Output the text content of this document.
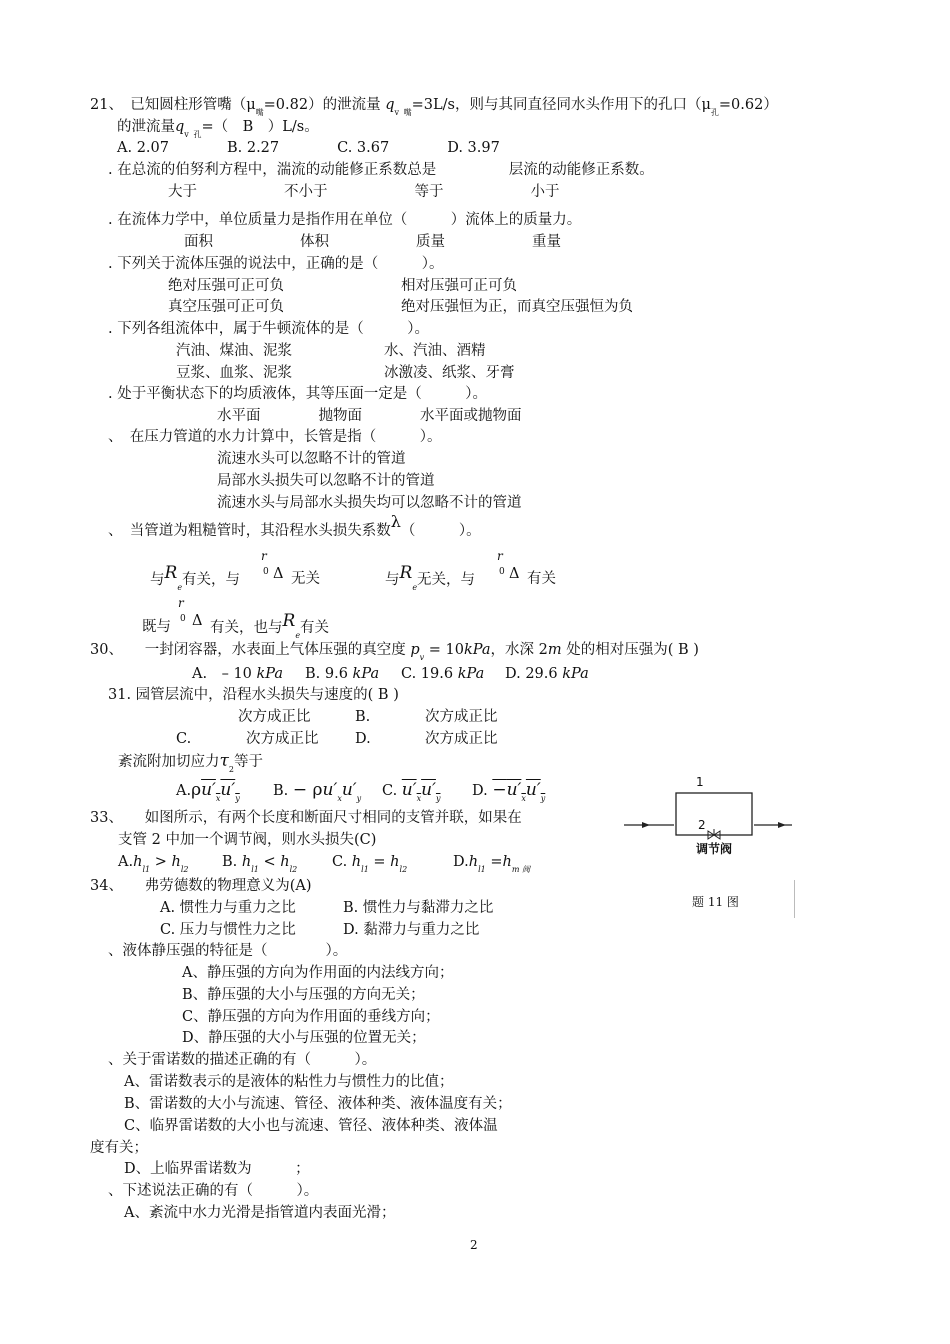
21、　已知圆柱形管嘴$(\mu_嘴=0.82)$的泄流量 $q_v$ $_嘴$=3L/s，则与其同直径同水头作用下的孔口$(\mu_孔=0.62)$
的泄流量$q_v$ $_孔$=（　B　）L/s。
A. 2.07　　　　B. 2.27　　　　C. 3.67　　　　D. 3.97
. 在总流的伯努利方程中，湍流的动能修正系数总是　　　　　层流的动能修正系数。
大于　　　　　　不小于　　　　　　等于　　　　　　小于
. 在流体力学中，单位质量力是指作用在单位（　　　）流体上的质量力。
面积　　　　　　体积　　　　　　质量　　　　　　重量
. 下列关于流体压强的说法中，正确的是（　　　）。
绝对压强可正可负	相对压强可正可负
真空压强可正可负	绝对压强恒为正，而真空压强恒为负
. 下列各组流体中，属于牛顿流体的是（　　　）。
汽油、煤油、泥浆	水、汽油、酒精
豆浆、血浆、泥浆	冰激凌、纸浆、牙膏
. 处于平衡状态下的均质液体，其等压面一定是（　　　）。
水平面　　　　抛物面　　　　水平面或抛物面
、　在压力管道的水力计算中，长管是指（　　　）。
流速水头可以忽略不计的管道
局部水头损失可以忽略不计的管道
流速水头与局部水头损失均可以忽略不计的管道
、　当管道为粗糙管时，其沿程水头损失系数λ（　　　）。
与$R_e$有关，与
r
0 Δ 无关	与$R_e$无关，与
r
0 Δ 有关
既与
r
0 Δ 有关，也与$R_e$有关
30、　　一封闭容器，水表面上气体压强的真空度 $p_v = 10kPa$，水深 2m 处的相对压强为( B )
A.　– 10 kPa B. 9.6 kPa C. 19.6 kPa D. 29.6 kPa
31. 园管层流中，沿程水头损失与速度的( B )
次方成正比	B.	次方成正比
C.	次方成正比	D.	次方成正比
紊流附加切应力$\tau_2$等于
$A.\rho u'_xu'_y$ B. − $\rho u'_xu'_y$ C. $u'_xu'_y$ D. $-u'_xu'_y$
33、　　如图所示，有两个长度和断面尺寸相同的支管并联，如果在
支管 2 中加一个调节阀，则水头损失(C)
$A.h_{l1} > h_{l2}$ B. $h_{l1} < h_{l2}$ C. $h_{l1} = h_{l2}$	$D.h_{l1} =h_{m 阀}$
1
2
调节阀
题 11 图
34、　　弗劳德数的物理意义为(A)
A. 惯性力与重力之比	B. 惯性力与黏滞力之比
C. 压力与惯性力之比	D. 黏滞力与重力之比
、液体静压强的特征是（　　　　）。
A、静压强的方向为作用面的内法线方向；
B、静压强的大小与压强的方向无关；
C、静压强的方向为作用面的垂线方向；
D、静压强的大小与压强的位置无关；
、关于雷诺数的描述正确的有（　　　）。
A、雷诺数表示的是液体的粘性力与惯性力的比值；
B、雷诺数的大小与流速、管径、液体种类、液体温度有关；
C、临界雷诺数的大小也与流速、管径、液体种类、液体温
度有关；
D、上临界雷诺数为　　　；
、下述说法正确的有（　　　）。
A、紊流中水力光滑是指管道内表面光滑；
2
